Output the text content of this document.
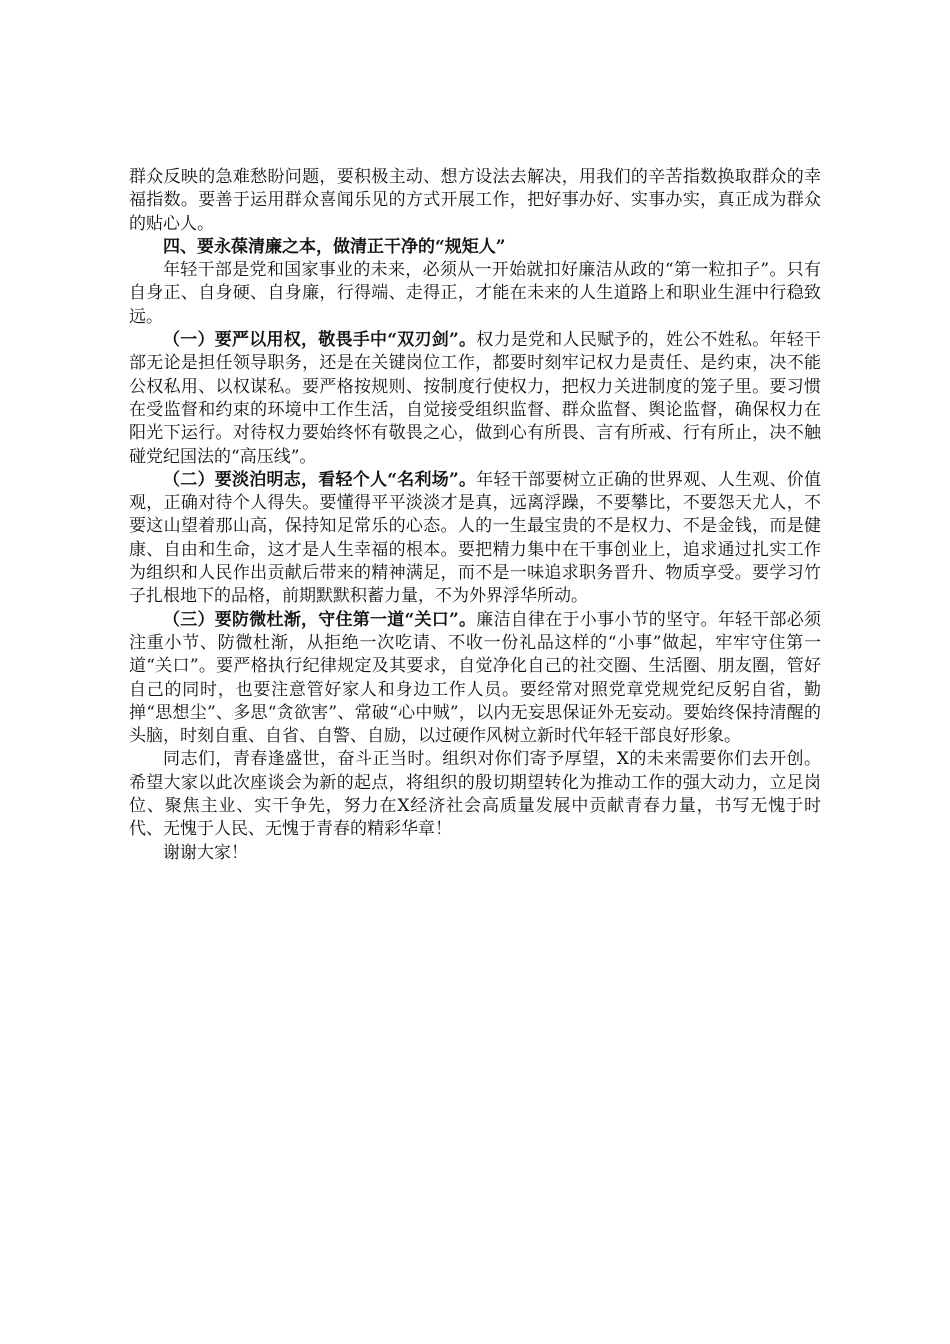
群众反映的急难愁盼问题，要积极主动、想方设法去解决，用我们的辛苦指数换取群众的幸福指数。要善于运用群众喜闻乐见的方式开展工作，把好事办好、实事办实，真正成为群众的贴心人。

四、要永葆清廉之本，做清正干净的“规矩人”

年轻干部是党和国家事业的未来，必须从一开始就扣好廉洁从政的“第一粒扣子”。只有自身正、自身硬、自身廉，行得端、走得正，才能在未来的人生道路上和职业生涯中行稳致远。

（一）要严以用权，敬畏手中“双刃剑”。权力是党和人民赋予的，姓公不姓私。年轻干部无论是担任领导职务，还是在关键岗位工作，都要时刻牢记权力是责任、是约束，决不能公权私用、以权谋私。要严格按规则、按制度行使权力，把权力关进制度的笼子里。要习惯在受监督和约束的环境中工作生活，自觉接受组织监督、群众监督、舆论监督，确保权力在阳光下运行。对待权力要始终怀有敬畏之心，做到心有所畏、言有所戒、行有所止，决不触碰党纪国法的“高压线”。

（二）要淡泊明志，看轻个人“名利场”。年轻干部要树立正确的世界观、人生观、价值观，正确对待个人得失。要懂得平平淡淡才是真，远离浮躁，不要攀比，不要怨天尤人，不要这山望着那山高，保持知足常乐的心态。人的一生最宝贵的不是权力、不是金钱，而是健康、自由和生命，这才是人生幸福的根本。要把精力集中在干事创业上，追求通过扎实工作为组织和人民作出贡献后带来的精神满足，而不是一味追求职务晋升、物质享受。要学习竹子扎根地下的品格，前期默默积蓄力量，不为外界浮华所动。

（三）要防微杜渐，守住第一道“关口”。廉洁自律在于小事小节的坚守。年轻干部必须注重小节、防微杜渐，从拒绝一次吃请、不收一份礼品这样的“小事”做起，牢牢守住第一道“关口”。要严格执行纪律规定及其要求，自觉净化自己的社交圈、生活圈、朋友圈，管好自己的同时，也要注意管好家人和身边工作人员。要经常对照党章党规党纪反躬自省，勤掸“思想尘”、多思“贪欲害”、常破“心中贼”，以内无妄思保证外无妄动。要始终保持清醒的头脑，时刻自重、自省、自警、自励，以过硬作风树立新时代年轻干部良好形象。

同志们，青春逢盛世，奋斗正当时。组织对你们寄予厚望，X的未来需要你们去开创。希望大家以此次座谈会为新的起点，将组织的殷切期望转化为推动工作的强大动力，立足岗位、聚焦主业、实干争先，努力在X经济社会高质量发展中贡献青春力量，书写无愧于时代、无愧于人民、无愧于青春的精彩华章！

谢谢大家！
